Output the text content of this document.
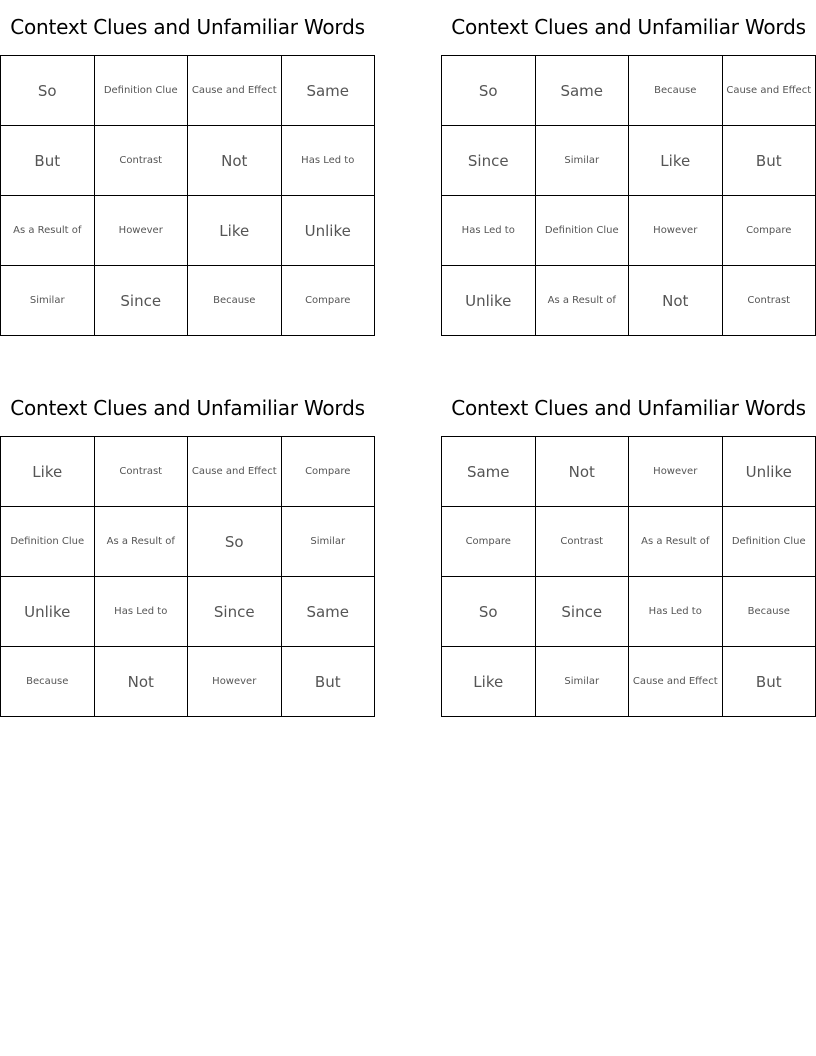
Context Clues and Unfamiliar Words
So	Definition Clue	Cause and Effect	Same
But	Contrast	Not	Has Led to
As a Result of	However	Like	Unlike
Similar	Since	Because	Compare
Context Clues and Unfamiliar Words
So	Same	Because	Cause and Effect
Since	Similar	Like	But
Has Led to	Definition Clue	However	Compare
Unlike	As a Result of	Not	Contrast
Context Clues and Unfamiliar Words
Like	Contrast	Cause and Effect	Compare
Definition Clue	As a Result of	So	Similar
Unlike	Has Led to	Since	Same
Because	Not	However	But
Context Clues and Unfamiliar Words
Same	Not	However	Unlike
Compare	Contrast	As a Result of	Definition Clue
So	Since	Has Led to	Because
Like	Similar	Cause and Effect	But
